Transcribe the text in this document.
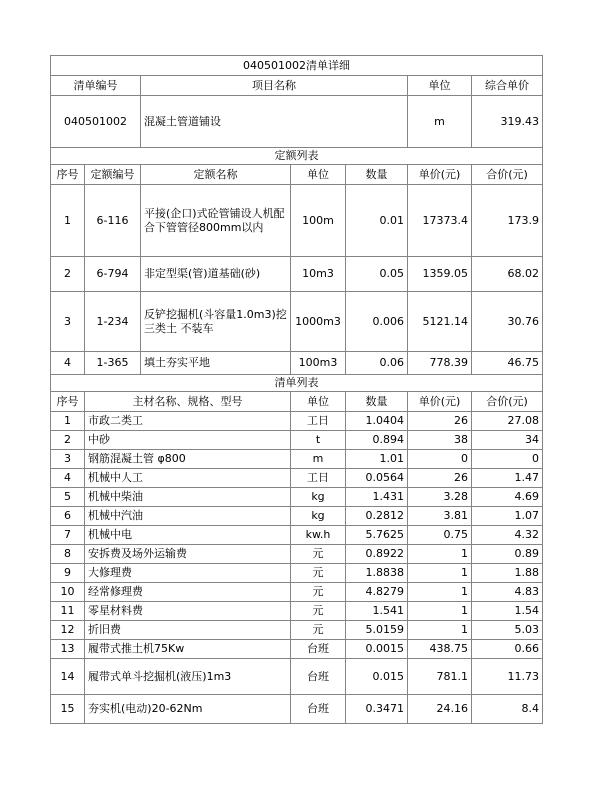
040501002清单详细						
清单编号		项目名称			单位	综合单价
040501002		混凝土管道铺设			m	319.43
定额列表						
序号	定额编号	定额名称	单位	数量	单价(元)	合价(元)
1	6-116	平接(企口)式砼管铺设人机配合下管管径800mm以内	100m	0.01	17373.4	173.9
2	6-794	非定型渠(管)道基础(砂)	10m3	0.05	1359.05	68.02
3	1-234	反铲挖掘机(斗容量1.0m3)挖三类土 不装车	1000m3	0.006	5121.14	30.76
4	1-365	填土夯实平地	100m3	0.06	778.39	46.75
清单列表						
序号	主材名称、规格、型号		单位	数量	单价(元)	合价(元)
1	市政二类工		工日	1.0404	26	27.08
2	中砂		t	0.894	38	34
3	钢筋混凝土管 φ800		m	1.01	0	0
4	机械中人工		工日	0.0564	26	1.47
5	机械中柴油		kg	1.431	3.28	4.69
6	机械中汽油		kg	0.2812	3.81	1.07
7	机械中电		kw.h	5.7625	0.75	4.32
8	安拆费及场外运输费		元	0.8922	1	0.89
9	大修理费		元	1.8838	1	1.88
10	经常修理费		元	4.8279	1	4.83
11	零星材料费		元	1.541	1	1.54
12	折旧费		元	5.0159	1	5.03
13	履带式推土机75Kw		台班	0.0015	438.75	0.66
14	履带式单斗挖掘机(液压)1m3		台班	0.015	781.1	11.73
15	夯实机(电动)20-62Nm		台班	0.3471	24.16	8.4
